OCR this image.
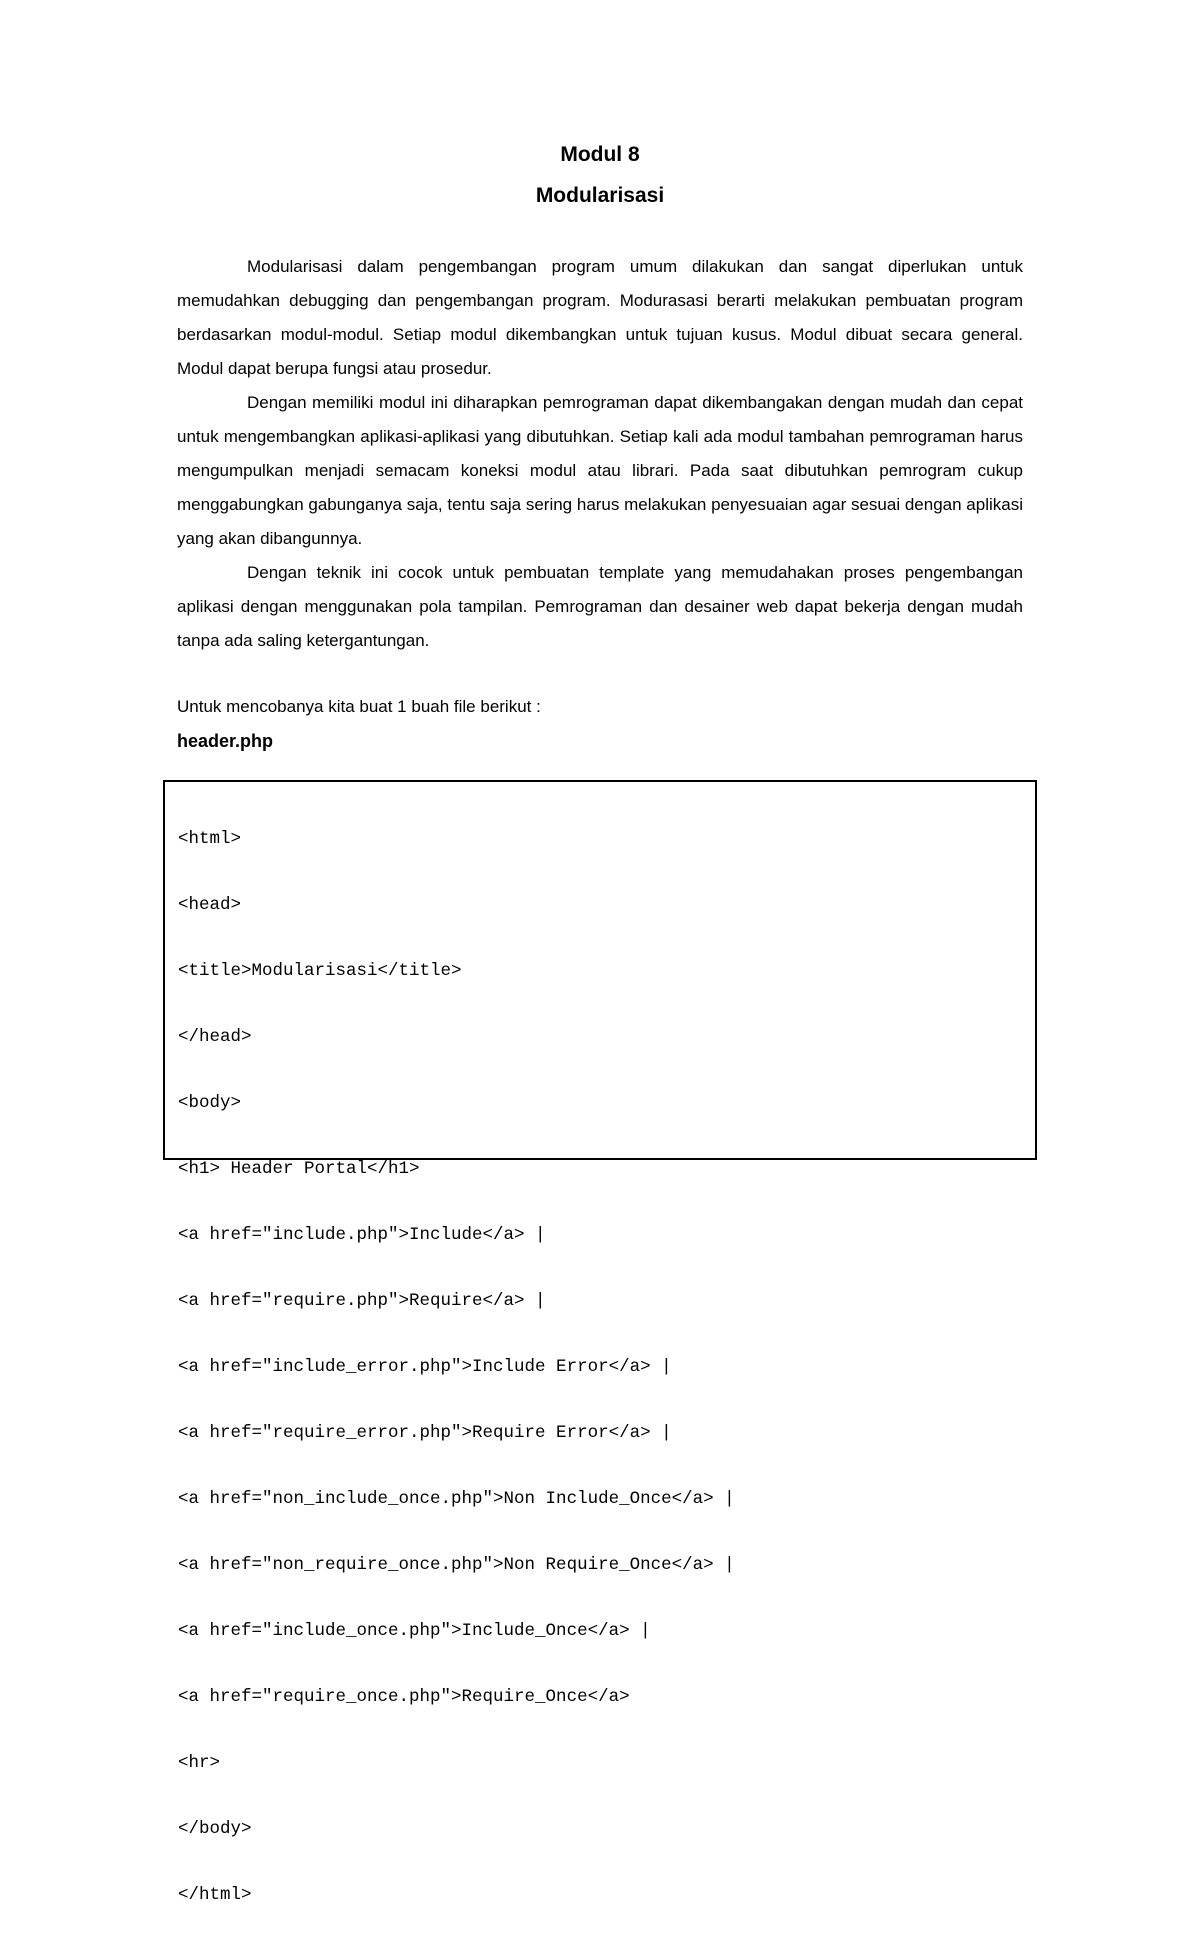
Modul 8
Modularisasi

Modularisasi dalam pengembangan program umum dilakukan dan sangat diperlukan untuk memudahkan debugging dan pengembangan program. Modurasasi berarti melakukan pembuatan program berdasarkan modul-modul. Setiap modul dikembangkan untuk tujuan kusus. Modul dibuat secara general. Modul dapat berupa fungsi atau prosedur.

Dengan memiliki modul ini diharapkan pemrograman dapat dikembangakan dengan mudah dan cepat untuk mengembangkan aplikasi-aplikasi yang dibutuhkan. Setiap kali ada modul tambahan pemrograman harus mengumpulkan menjadi semacam koneksi modul atau librari. Pada saat dibutuhkan pemrogram cukup menggabungkan gabunganya saja, tentu saja sering harus melakukan penyesuaian agar sesuai dengan aplikasi yang akan dibangunnya.

Dengan teknik ini cocok untuk pembuatan template yang memudahakan proses pengembangan aplikasi dengan menggunakan pola tampilan. Pemrograman dan desainer web dapat bekerja dengan mudah tanpa ada saling ketergantungan.

Untuk mencobanya kita buat 1 buah file berikut :
header.php

<html>

<head>

<title>Modularisasi</title>

</head>

<body>

<h1> Header Portal</h1>

<a href="include.php">Include</a> |

<a href="require.php">Require</a> |

<a href="include_error.php">Include Error</a> |

<a href="require_error.php">Require Error</a> |

<a href="non_include_once.php">Non Include_Once</a> |

<a href="non_require_once.php">Non Require_Once</a> |

<a href="include_once.php">Include_Once</a> |

<a href="require_once.php">Require_Once</a>

<hr>

</body>

</html>
